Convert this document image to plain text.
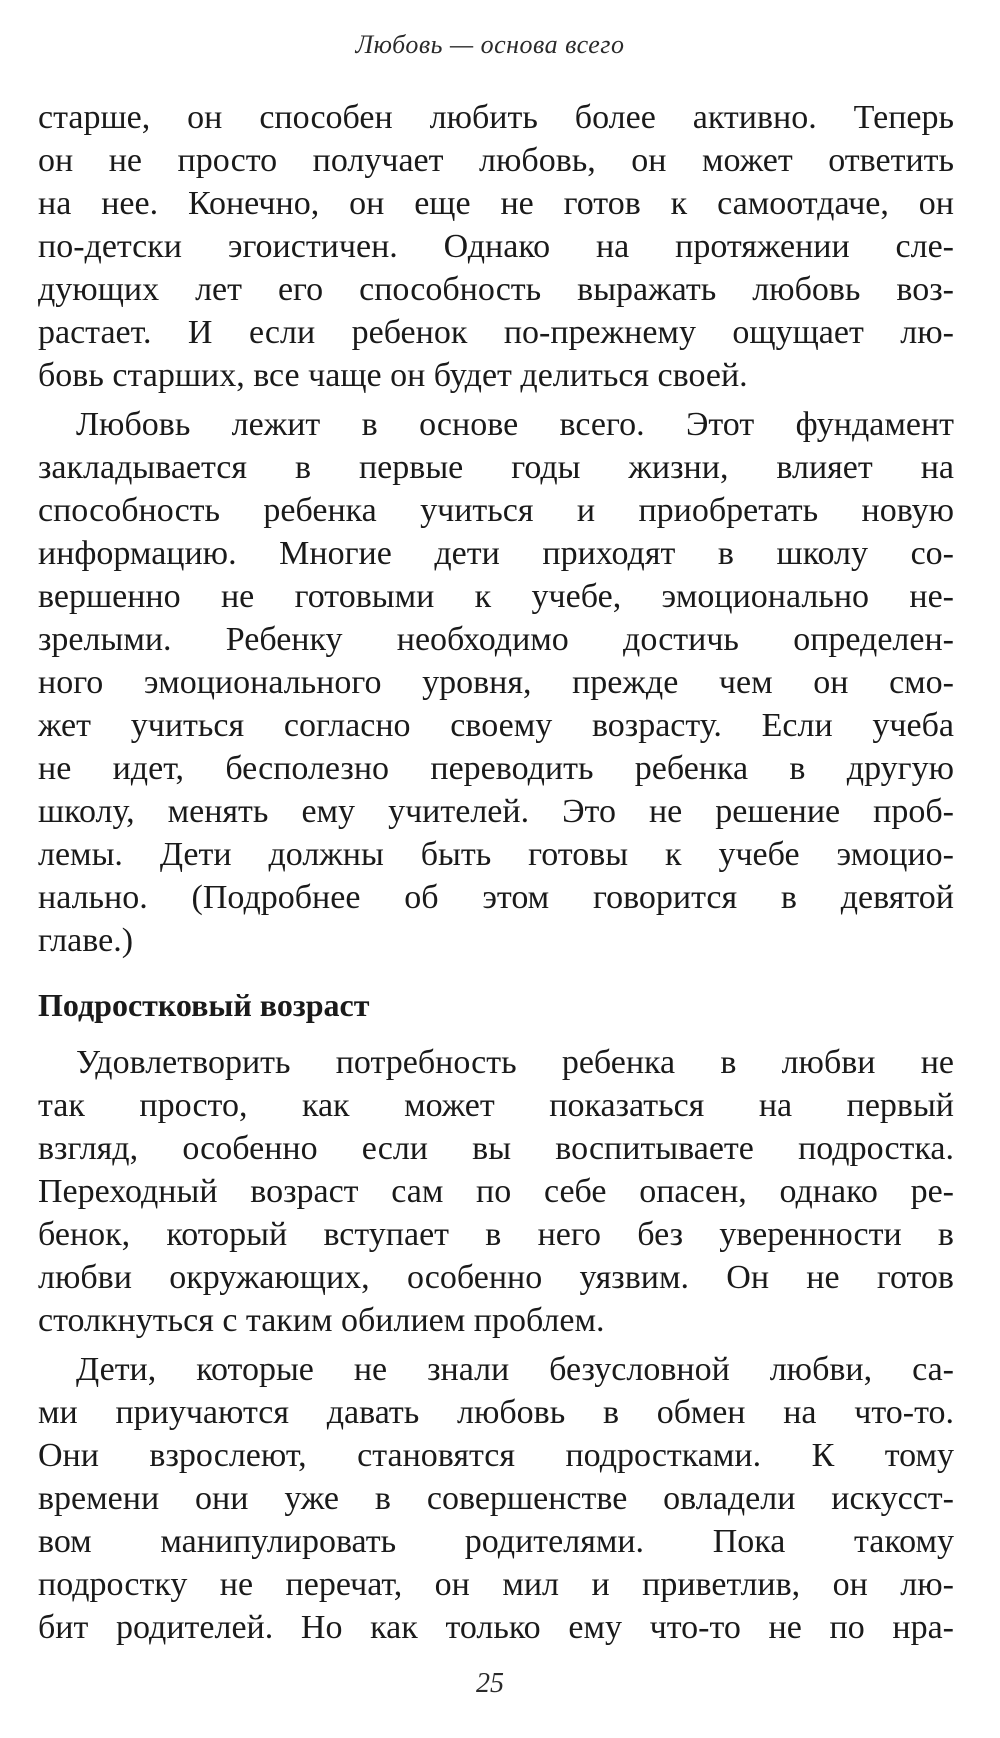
Любовь — основа всего
старше, он способен любить более активно. Теперь
он не просто получает любовь, он может ответить
на нее. Конечно, он еще не готов к самоотдаче, он
по-детски эгоистичен. Однако на протяжении сле-
дующих лет его способность выражать любовь воз-
растает. И если ребенок по-прежнему ощущает лю-
бовь старших, все чаще он будет делиться своей.
Любовь лежит в основе всего. Этот фундамент
закладывается в первые годы жизни, влияет на
способность ребенка учиться и приобретать новую
информацию. Многие дети приходят в школу со-
вершенно не готовыми к учебе, эмоционально не-
зрелыми. Ребенку необходимо достичь определен-
ного эмоционального уровня, прежде чем он смо-
жет учиться согласно своему возрасту. Если учеба
не идет, бесполезно переводить ребенка в другую
школу, менять ему учителей. Это не решение проб-
лемы. Дети должны быть готовы к учебе эмоцио-
нально. (Подробнее об этом говорится в девятой
главе.)
Подростковый возраст
Удовлетворить потребность ребенка в любви не
так просто, как может показаться на первый
взгляд, особенно если вы воспитываете подростка.
Переходный возраст сам по себе опасен, однако ре-
бенок, который вступает в него без уверенности в
любви окружающих, особенно уязвим. Он не готов
столкнуться с таким обилием проблем.
Дети, которые не знали безусловной любви, са-
ми приучаются давать любовь в обмен на что-то.
Они взрослеют, становятся подростками. К тому
времени они уже в совершенстве овладели искусст-
вом манипулировать родителями. Пока такому
подростку не перечат, он мил и приветлив, он лю-
бит родителей. Но как только ему что-то не по нра-
25
